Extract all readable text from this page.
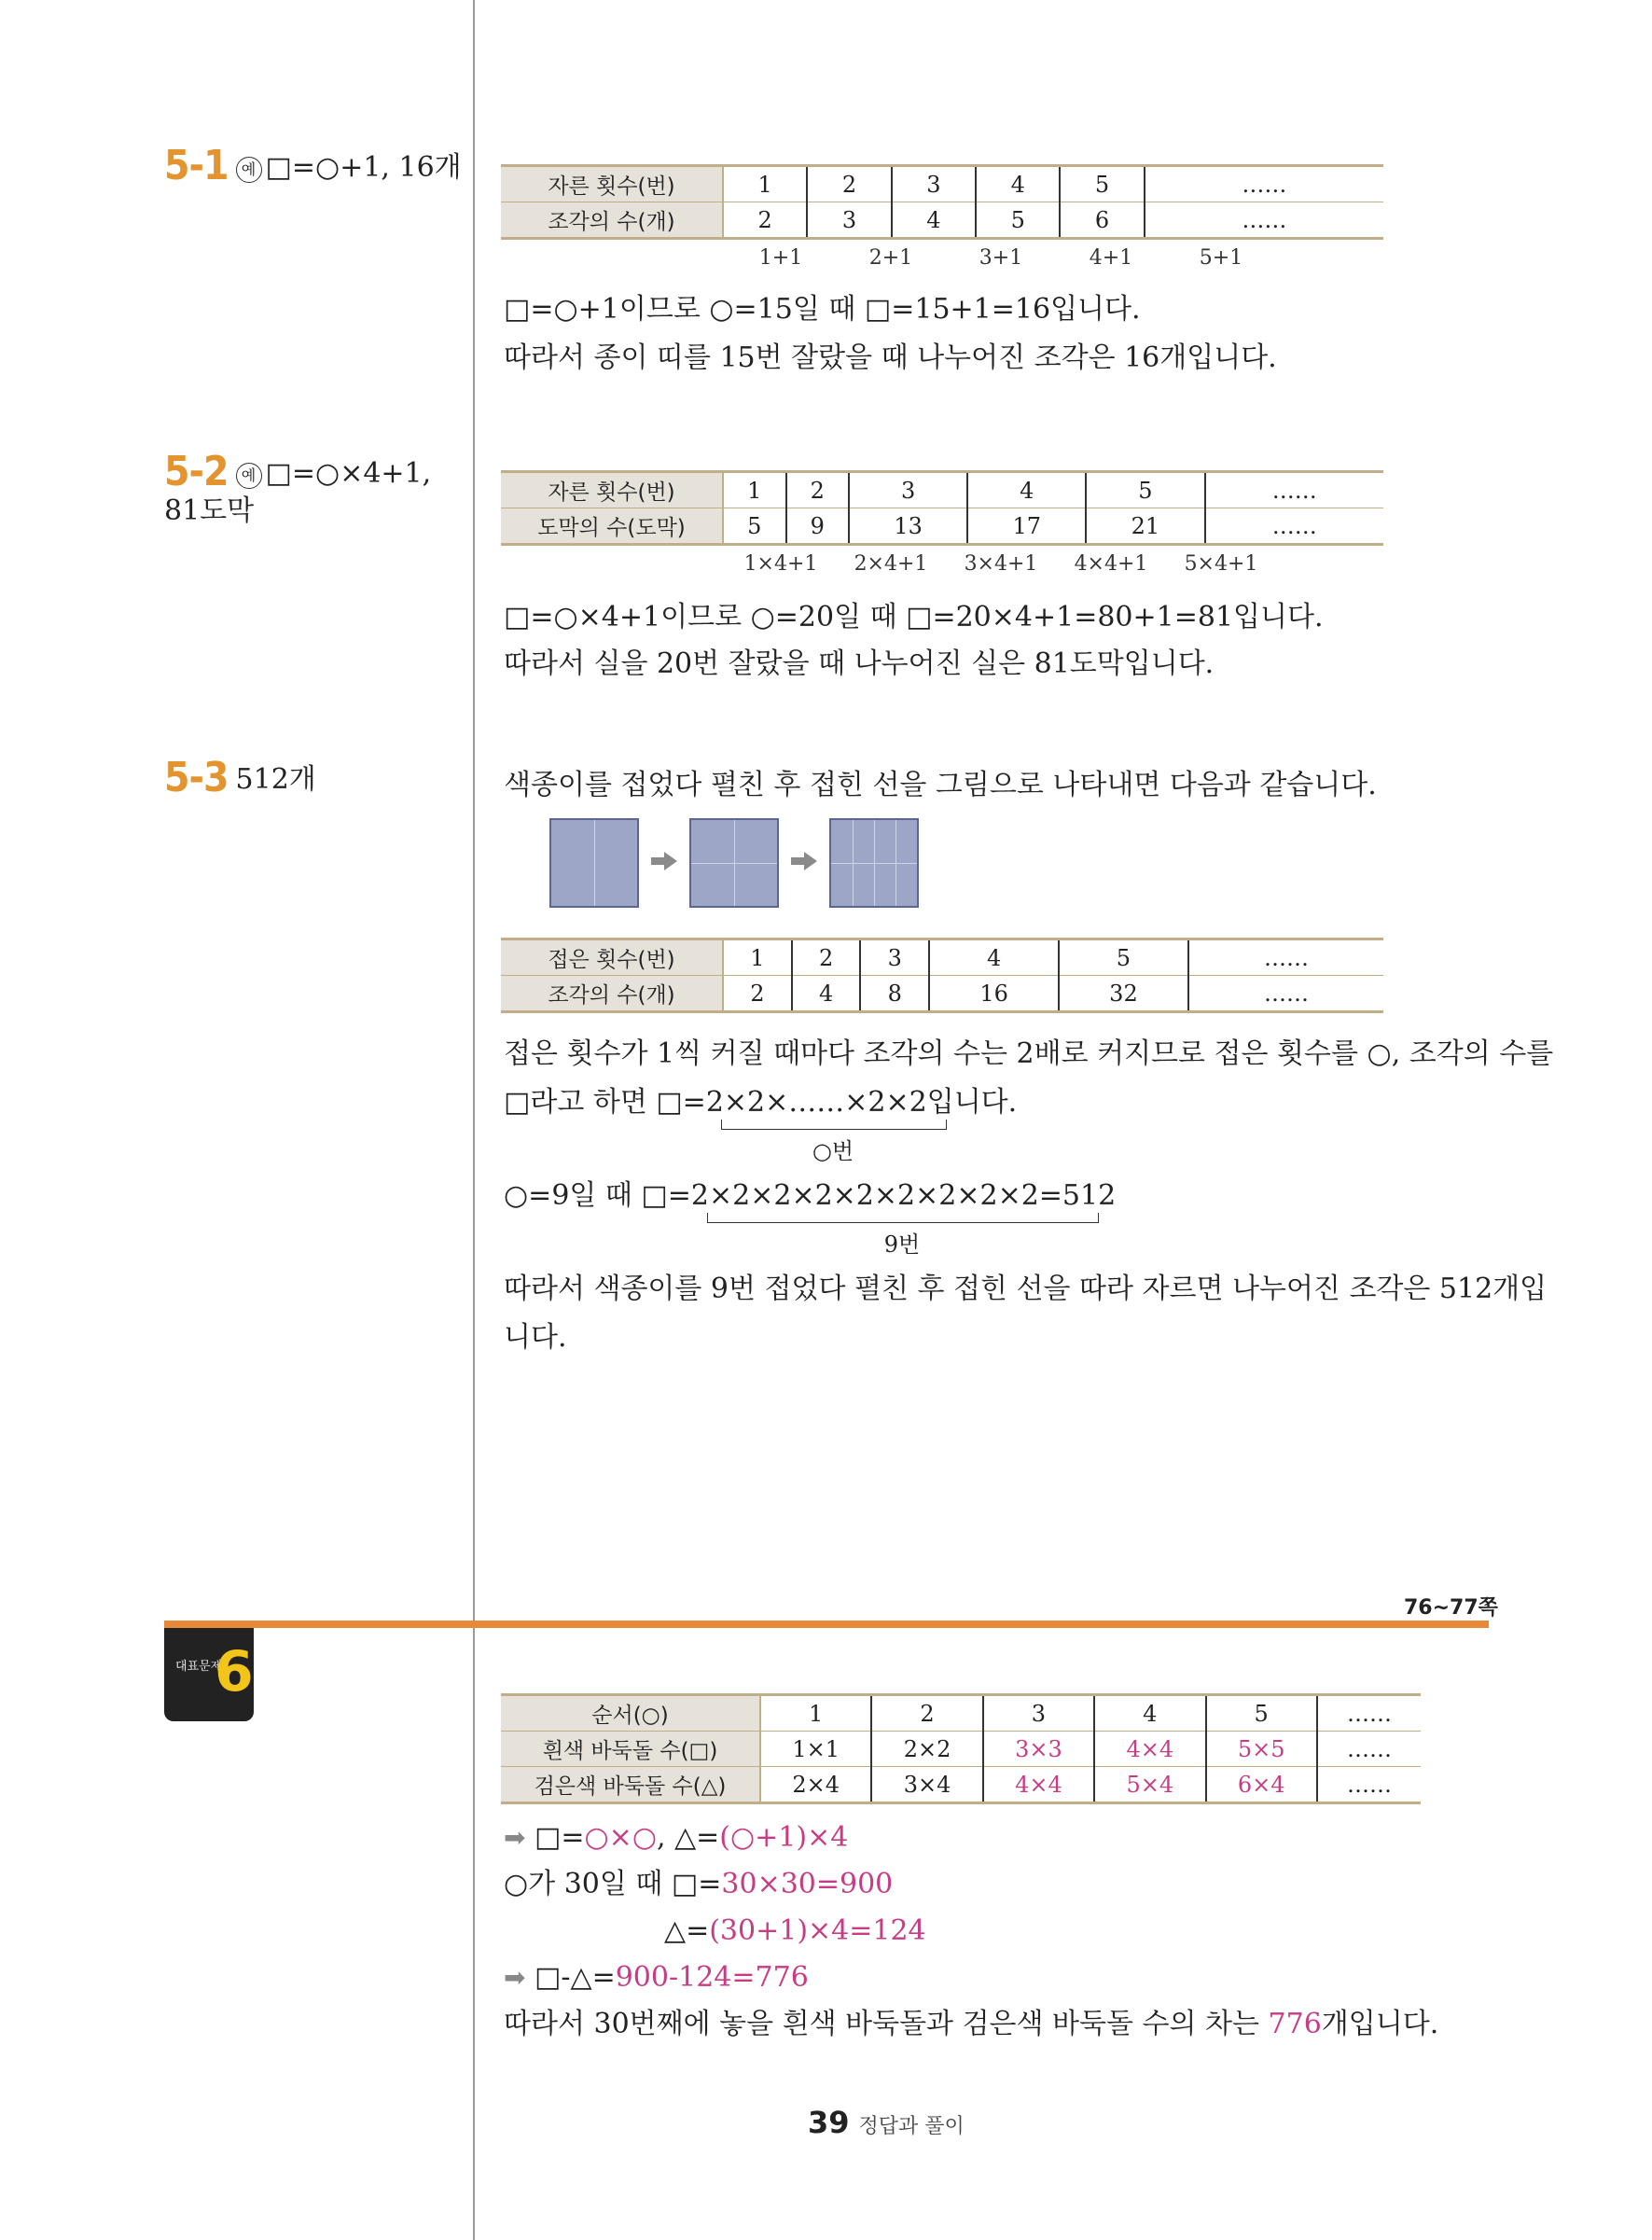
5-1 예 □=○+1, 16개
자른 횟수(번)	1	2	3	4	5	……
조각의 수(개)	2	3	4	5	6	……
1+1	2+1	3+1	4+1	5+1
□=○+1이므로 ○=15일 때 □=15+1=16입니다.
따라서 종이 띠를 15번 잘랐을 때 나누어진 조각은 16개입니다.
5-2 예 □=○×4+1,
81도막
자른 횟수(번)	1	2	3	4	5	……
도막의 수(도막)	5	9	13	17	21	……
1×4+1	2×4+1	3×4+1	4×4+1	5×4+1
□=○×4+1이므로 ○=20일 때 □=20×4+1=80+1=81입니다.
따라서 실을 20번 잘랐을 때 나누어진 실은 81도막입니다.
5-3 512개	색종이를 접었다 펼친 후 접힌 선을 그림으로 나타내면 다음과 같습니다.
접은 횟수(번)	1	2	3	4	5	……
조각의 수(개)	2	4	8	16	32	……
접은 횟수가 1씩 커질 때마다 조각의 수는 2배로 커지므로 접은 횟수를 ○, 조각의 수를
□라고 하면 □=2×2×……×2×2입니다.
○번
○=9일 때 □=2×2×2×2×2×2×2×2×2=512
9번
따라서 색종이를 9번 접었다 펼친 후 접힌 선을 따라 자르면 나누어진 조각은 512개입
니다.
76~77쪽
대표문제
6
순서(○)	1	2	3	4	5	……
흰색 바둑돌 수(□)	1×1	2×2	3×3	4×4	5×5	……
검은색 바둑돌 수(△)	2×4	3×4	4×4	5×4	6×4	……
➡ □=○×○, △=(○+1)×4
○가 30일 때 □=30×30=900
△=(30+1)×4=124
➡ □-△=900-124=776
따라서 30번째에 놓을 흰색 바둑돌과 검은색 바둑돌 수의 차는 776개입니다.
39 정답과 풀이
